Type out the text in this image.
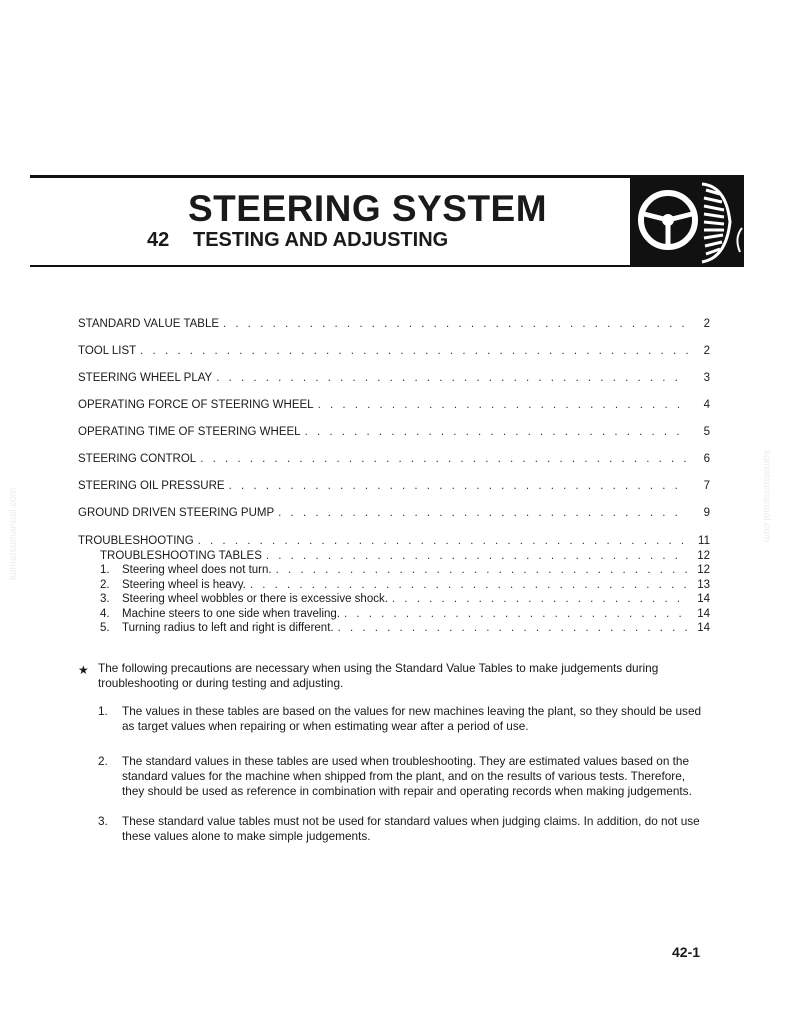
STEERING SYSTEM
42 TESTING AND ADJUSTING
STANDARD VALUE TABLE . . .	2
TOOL LIST . . .	2
STEERING WHEEL PLAY . . .	3
OPERATING FORCE OF STEERING WHEEL . . .	4
OPERATING TIME OF STEERING WHEEL . . .	5
STEERING CONTROL . . .	6
STEERING OIL PRESSURE . . .	7
GROUND DRIVEN STEERING PUMP . . .	9
TROUBLESHOOTING . . .	11
TROUBLESHOOTING TABLES . . .	12
1. Steering wheel does not turn. . . .	12
2. Steering wheel is heavy. . . .	13
3. Steering wheel wobbles or there is excessive shock. . . .	14
4. Machine steers to one side when traveling. . . .	14
5. Turning radius to left and right is different. . . .	14
★ The following precautions are necessary when using the Standard Value Tables to make judgements during troubleshooting or during testing and adjusting.
1.	The values in these tables are based on the values for new machines leaving the plant, so they should be used as target values when repairing or when estimating wear after a period of use.
2.	The standard values in these tables are used when troubleshooting. They are estimated values based on the standard values for the machine when shipped from the plant, and on the results of various tests. Therefore, they should be used as reference in combination with repair and operating records when making judgements.
3.	These standard value tables must not be used for standard values when judging claims. In addition, do not use these values alone to make simple judgements.
42-1
komatsumanual.com	komatsumanual.com
